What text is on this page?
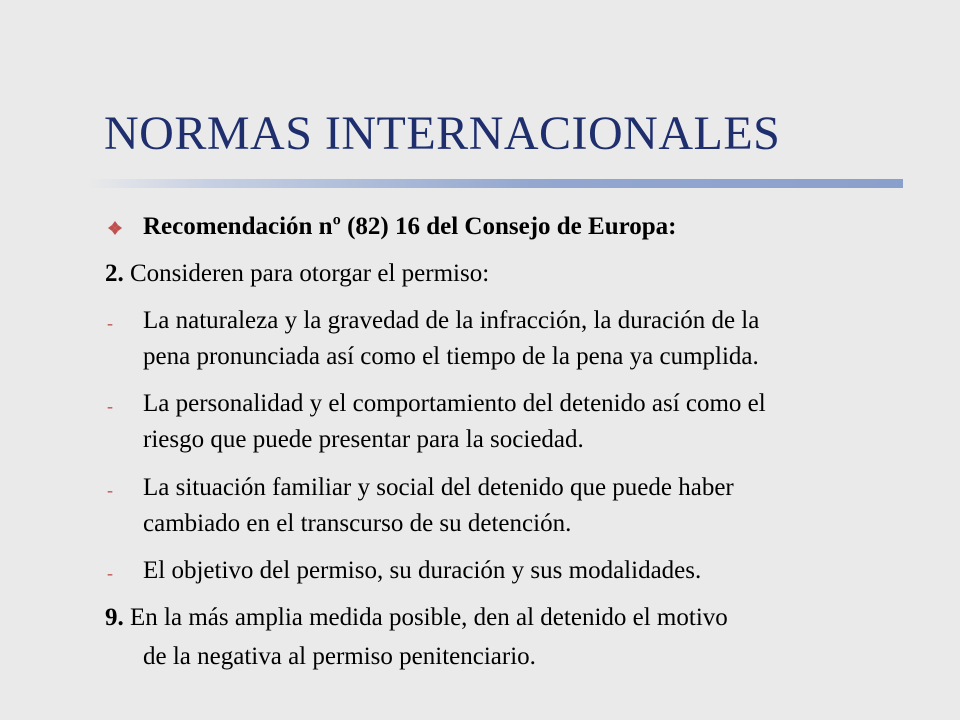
NORMAS INTERNACIONALES
Recomendación nº (82) 16 del Consejo de Europa:
2. Consideren para otorgar el permiso:
- La naturaleza y la gravedad de la infracción, la duración de la
pena pronunciada así como el tiempo de la pena ya cumplida.
- La personalidad y el comportamiento del detenido así como el
riesgo que puede presentar para la sociedad.
- La situación familiar y social del detenido que puede haber
cambiado en el transcurso de su detención.
- El objetivo del permiso, su duración y sus modalidades.
9. En la más amplia medida posible, den al detenido el motivo
de la negativa al permiso penitenciario.
